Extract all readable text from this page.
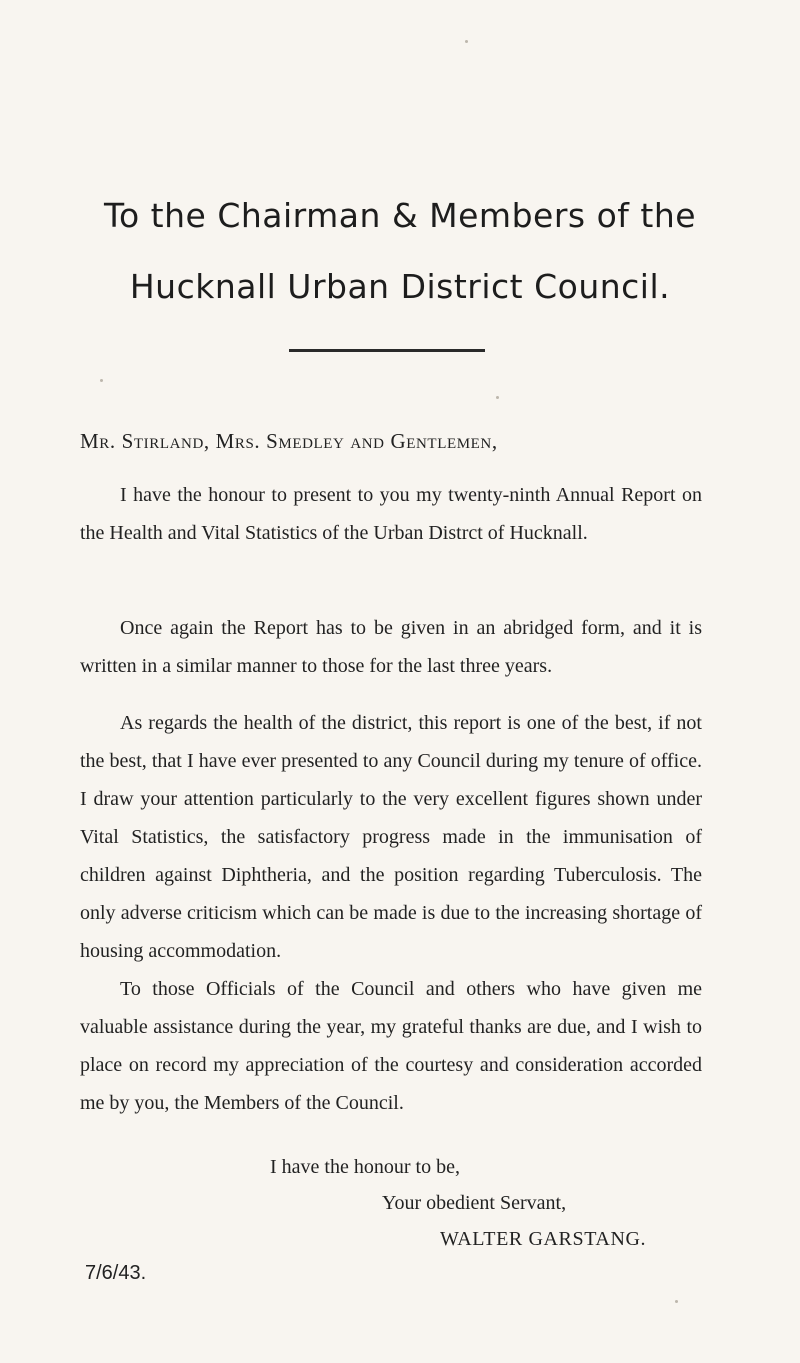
To the Chairman & Members of the
Hucknall Urban District Council.
Mr. Stirland, Mrs. Smedley and Gentlemen,

I have the honour to present to you my twenty-ninth Annual Report on the Health and Vital Statistics of the Urban Distrct of Hucknall.

Once again the Report has to be given in an abridged form, and it is written in a similar manner to those for the last three years.

As regards the health of the district, this report is one of the best, if not the best, that I have ever presented to any Council during my tenure of office. I draw your attention particularly to the very excellent figures shown under Vital Statistics, the satisfactory progress made in the immunisation of children against Diphtheria, and the position regarding Tuberculosis. The only adverse criticism which can be made is due to the increasing shortage of housing accommodation.

To those Officials of the Council and others who have given me valuable assistance during the year, my grateful thanks are due, and I wish to place on record my appreciation of the courtesy and consideration accorded me by you, the Members of the Council.

I have the honour to be,
Your obedient Servant,
WALTER GARSTANG.
7/6/43.
